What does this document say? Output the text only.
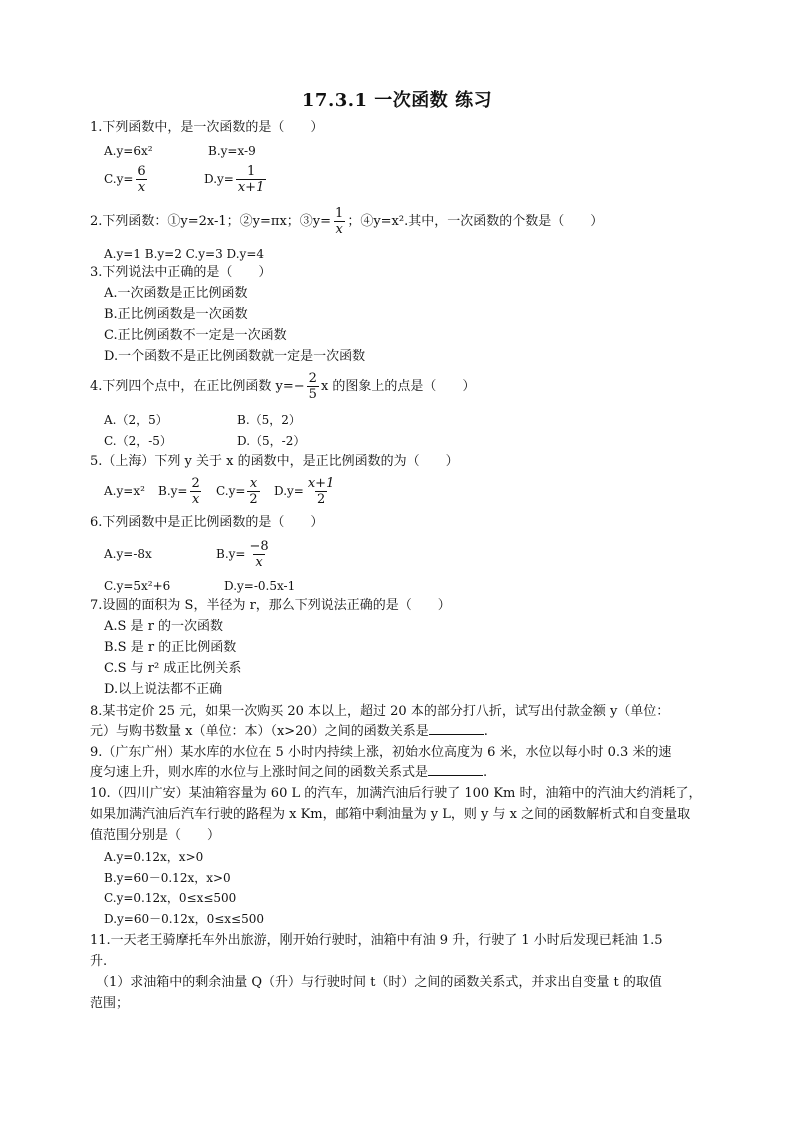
17.3.1 一次函数 练习
1.下列函数中，是一次函数的是（　　）
A.y=6x²	B.y=x-9
$C.y= \frac{6}{x}$	$D.y= \frac{1}{x+1}$
2.下列函数：①y=2x-1；②y=πx；③y= $\frac{1}{x}$ ；④y=x².其中，一次函数的个数是（　　）
A.y=1 B.y=2 C.y=3 D.y=4
3.下列说法中正确的是（　　）
A.一次函数是正比例函数
B.正比例函数是一次函数
C.正比例函数不一定是一次函数
D.一个函数不是正比例函数就一定是一次函数
4.下列四个点中，在正比例函数 $y=- \frac{2}{5}$ x 的图象上的点是（　　）
A.（2，5）	B.（5，2）
C.（2，-5）	D.（5，-2）
5.（上海）下列 y 关于 x 的函数中，是正比例函数的为（　　）
A.y=x² $B.y= \frac{2}{x} C.y= \frac{x}{2} D.y= \frac{x+1}{2}$
6.下列函数中是正比例函数的是（　　）
A.y=-8x	$B.y= \frac{-8}{x}$
C.y=5x²+6	D.y=-0.5x-1
7.设圆的面积为 S，半径为 r，那么下列说法正确的是（　　）
A.S 是 r 的一次函数
B.S 是 r 的正比例函数
C.S 与 r² 成正比例关系
D.以上说法都不正确
8.某书定价 25 元，如果一次购买 20 本以上，超过 20 本的部分打八折，试写出付款金额 y（单位：
元）与购书数量 x（单位：本）（x>20）之间的函数关系是	.
9.（广东广州）某水库的水位在 5 小时内持续上涨，初始水位高度为 6 米，水位以每小时 0.3 米的速
度匀速上升，则水库的水位与上涨时间之间的函数关系式是	.
10.（四川广安）某油箱容量为 60 L 的汽车，加满汽油后行驶了 100 Km 时，油箱中的汽油大约消耗了，
如果加满汽油后汽车行驶的路程为 x Km，邮箱中剩油量为 y L，则 y 与 x 之间的函数解析式和自变量取
值范围分别是（　　）
A.y=0.12x，x>0
B.y=60－0.12x，x>0
C.y=0.12x，0≤x≤500
D.y=60－0.12x，0≤x≤500
11.一天老王骑摩托车外出旅游，刚开始行驶时，油箱中有油 9 升，行驶了 1 小时后发现已耗油 1.5
升.
（1）求油箱中的剩余油量 Q（升）与行驶时间 t（时）之间的函数关系式，并求出自变量 t 的取值
范围；
